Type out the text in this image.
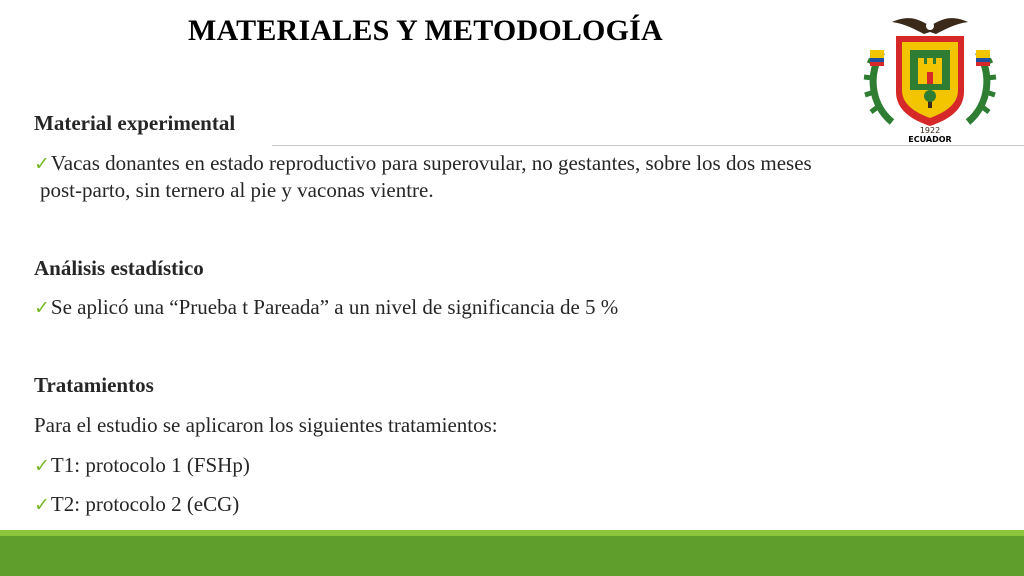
MATERIALES Y METODOLOGÍA
1922
ECUADOR
Material experimental
✓Vacas donantes en estado reproductivo para superovular, no gestantes, sobre los dos meses
post-parto, sin ternero al pie y vaconas vientre.
Análisis estadístico
✓Se aplicó una “Prueba t Pareada” a un nivel de significancia de 5 %
Tratamientos
Para el estudio se aplicaron los siguientes tratamientos:
✓T1: protocolo 1 (FSHp)
✓T2: protocolo 2 (eCG)
